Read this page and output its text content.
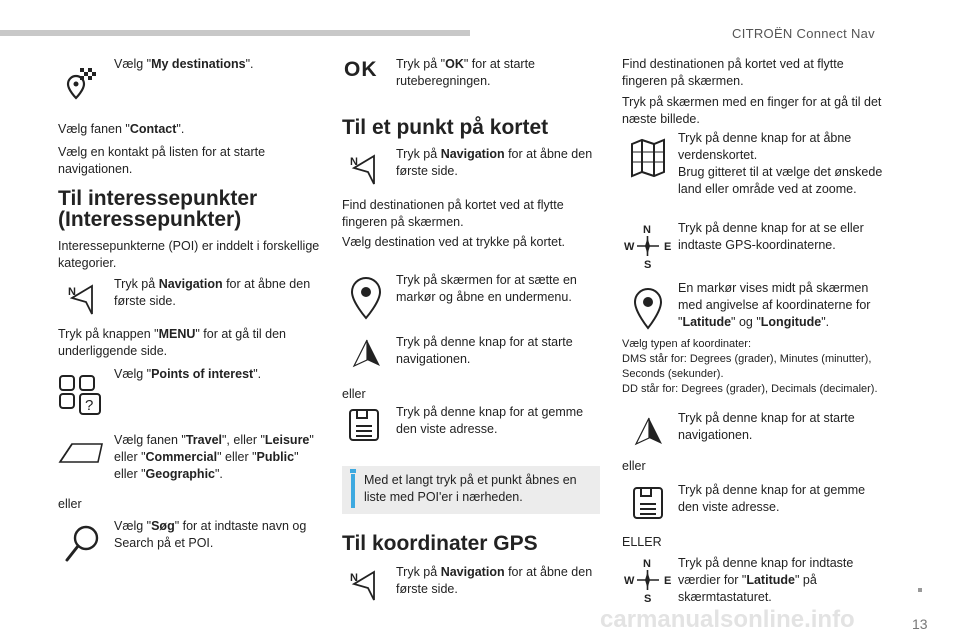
CITROËN Connect Nav
Vælg "My destinations".
Vælg fanen "Contact".
Vælg en kontakt på listen for at starte navigationen.
Til interessepunkter
(Interessepunkter)
Interessepunkterne (POI) er inddelt i forskellige kategorier.
N
Tryk på Navigation for at åbne den første side.
Tryk på knappen "MENU" for at gå til den underliggende side.
?
Vælg "Points of interest".
Vælg fanen "Travel", eller "Leisure" eller "Commercial" eller "Public" eller "Geographic".
eller
Vælg "Søg" for at indtaste navn og Search på et POI.
OK Tryk på "OK" for at starte ruteberegningen.
Til et punkt på kortet
N
Tryk på Navigation for at åbne den første side.
Find destinationen på kortet ved at flytte fingeren på skærmen.
Vælg destination ved at trykke på kortet.
Tryk på skærmen for at sætte en markør og åbne en undermenu.
Tryk på denne knap for at starte navigationen.
eller
Tryk på denne knap for at gemme den viste adresse.
Med et langt tryk på et punkt åbnes en liste med POI'er i nærheden.
Til koordinater GPS
N	Tryk på Navigation for at åbne den første side.
Find destinationen på kortet ved at flytte fingeren på skærmen.
Tryk på skærmen med en finger for at gå til det næste billede.
Tryk på denne knap for at åbne verdenskortet.
Brug gitteret til at vælge det ønskede land eller område ved at zoome.
N
S
W	E
Tryk på denne knap for at se eller indtaste GPS-koordinaterne.
En markør vises midt på skærmen med angivelse af koordinaterne for "Latitude" og "Longitude".
Vælg typen af koordinater:
DMS står for: Degrees (grader), Minutes (minutter), Seconds (sekunder).
DD står for: Degrees (grader), Decimals (decimaler).
Tryk på denne knap for at starte navigationen.
eller
Tryk på denne knap for at gemme den viste adresse.
ELLER
N
S
W	E
Tryk på denne knap for indtaste værdier for "Latitude" på skærmtastaturet.
carmanualsonline.info	13
